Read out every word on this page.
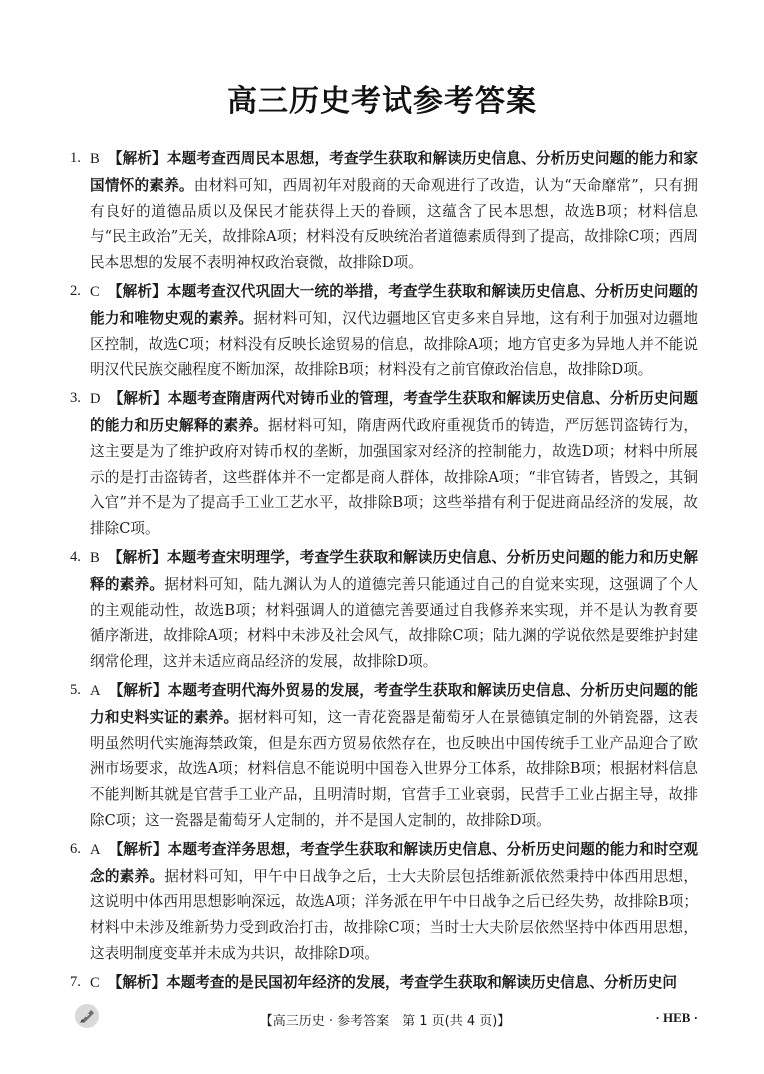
高三历史考试参考答案
1. B 【解析】本题考查西周民本思想，考查学生获取和解读历史信息、分析历史问题的能力和家国情怀的素养。由材料可知，西周初年对殷商的天命观进行了改造，认为“天命靡常”，只有拥有良好的道德品质以及保民才能获得上天的眷顾，这蕴含了民本思想，故选B项；材料信息与“民主政治”无关，故排除A项；材料没有反映统治者道德素质得到了提高，故排除C项；西周民本思想的发展不表明神权政治衰微，故排除D项。
2. C 【解析】本题考查汉代巩固大一统的举措，考查学生获取和解读历史信息、分析历史问题的能力和唯物史观的素养。据材料可知，汉代边疆地区官吏多来自异地，这有利于加强对边疆地区控制，故选C项；材料没有反映长途贸易的信息，故排除A项；地方官吏多为异地人并不能说明汉代民族交融程度不断加深，故排除B项；材料没有之前官僚政治信息，故排除D项。
3. D 【解析】本题考查隋唐两代对铸币业的管理，考查学生获取和解读历史信息、分析历史问题的能力和历史解释的素养。据材料可知，隋唐两代政府重视货币的铸造，严厉惩罚盗铸行为，这主要是为了维护政府对铸币权的垄断，加强国家对经济的控制能力，故选D项；材料中所展示的是打击盗铸者，这些群体并不一定都是商人群体，故排除A项；“非官铸者，皆毁之，其铜入官”并不是为了提高手工业工艺水平，故排除B项；这些举措有利于促进商品经济的发展，故排除C项。
4. B 【解析】本题考查宋明理学，考查学生获取和解读历史信息、分析历史问题的能力和历史解释的素养。据材料可知，陆九渊认为人的道德完善只能通过自己的自觉来实现，这强调了个人的主观能动性，故选B项；材料强调人的道德完善要通过自我修养来实现，并不是认为教育要循序渐进，故排除A项；材料中未涉及社会风气，故排除C项；陆九渊的学说依然是要维护封建纲常伦理，这并未适应商品经济的发展，故排除D项。
5. A 【解析】本题考查明代海外贸易的发展，考查学生获取和解读历史信息、分析历史问题的能力和史料实证的素养。据材料可知，这一青花瓷器是葡萄牙人在景德镇定制的外销瓷器，这表明虽然明代实施海禁政策，但是东西方贸易依然存在，也反映出中国传统手工业产品迎合了欧洲市场要求，故选A项；材料信息不能说明中国卷入世界分工体系，故排除B项；根据材料信息不能判断其就是官营手工业产品，且明清时期，官营手工业衰弱，民营手工业占据主导，故排除C项；这一瓷器是葡萄牙人定制的，并不是国人定制的，故排除D项。
6. A 【解析】本题考查洋务思想，考查学生获取和解读历史信息、分析历史问题的能力和时空观念的素养。据材料可知，甲午中日战争之后，士大夫阶层包括维新派依然秉持中体西用思想，这说明中体西用思想影响深远，故选A项；洋务派在甲午中日战争之后已经失势，故排除B项；材料中未涉及维新势力受到政治打击，故排除C项；当时士大夫阶层依然坚持中体西用思想，这表明制度变革并未成为共识，故排除D项。
7. C 【解析】本题考查的是民国初年经济的发展，考查学生获取和解读历史信息、分析历史问
【高三历史 · 参考答案　第 1 页(共 4 页)】	· HEB ·
